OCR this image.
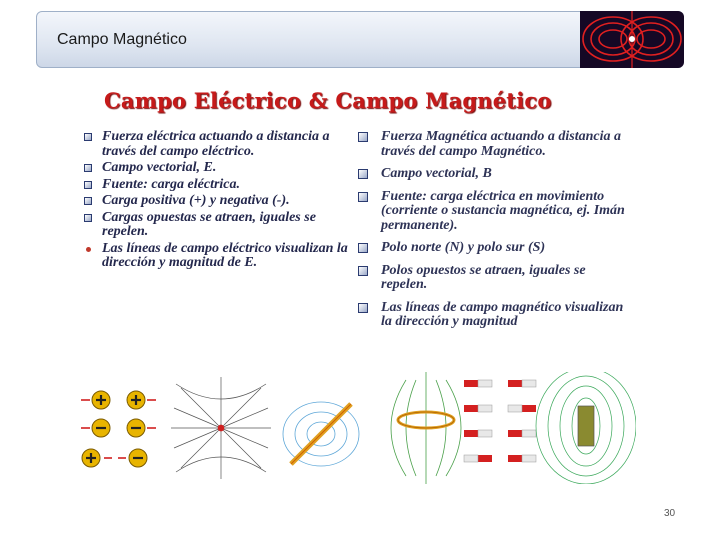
Campo Magnético
Campo Eléctrico & Campo Magnético
Fuerza eléctrica actuando a distancia a través del campo eléctrico.
Campo vectorial, E.
Fuente: carga eléctrica.
Carga positiva (+) y negativa (-).
Cargas opuestas se atraen, iguales se repelen.
Las líneas de campo eléctrico visualizan la dirección y magnitud de E.
Fuerza Magnética actuando a distancia a través del campo Magnético.
Campo vectorial, B
Fuente: carga eléctrica en movimiento (corriente o sustancia magnética, ej. Imán permanente).
Polo norte (N) y polo sur (S)
Polos opuestos se atraen, iguales se repelen.
Las líneas de campo magnético visualizan la dirección y magnitud
30
